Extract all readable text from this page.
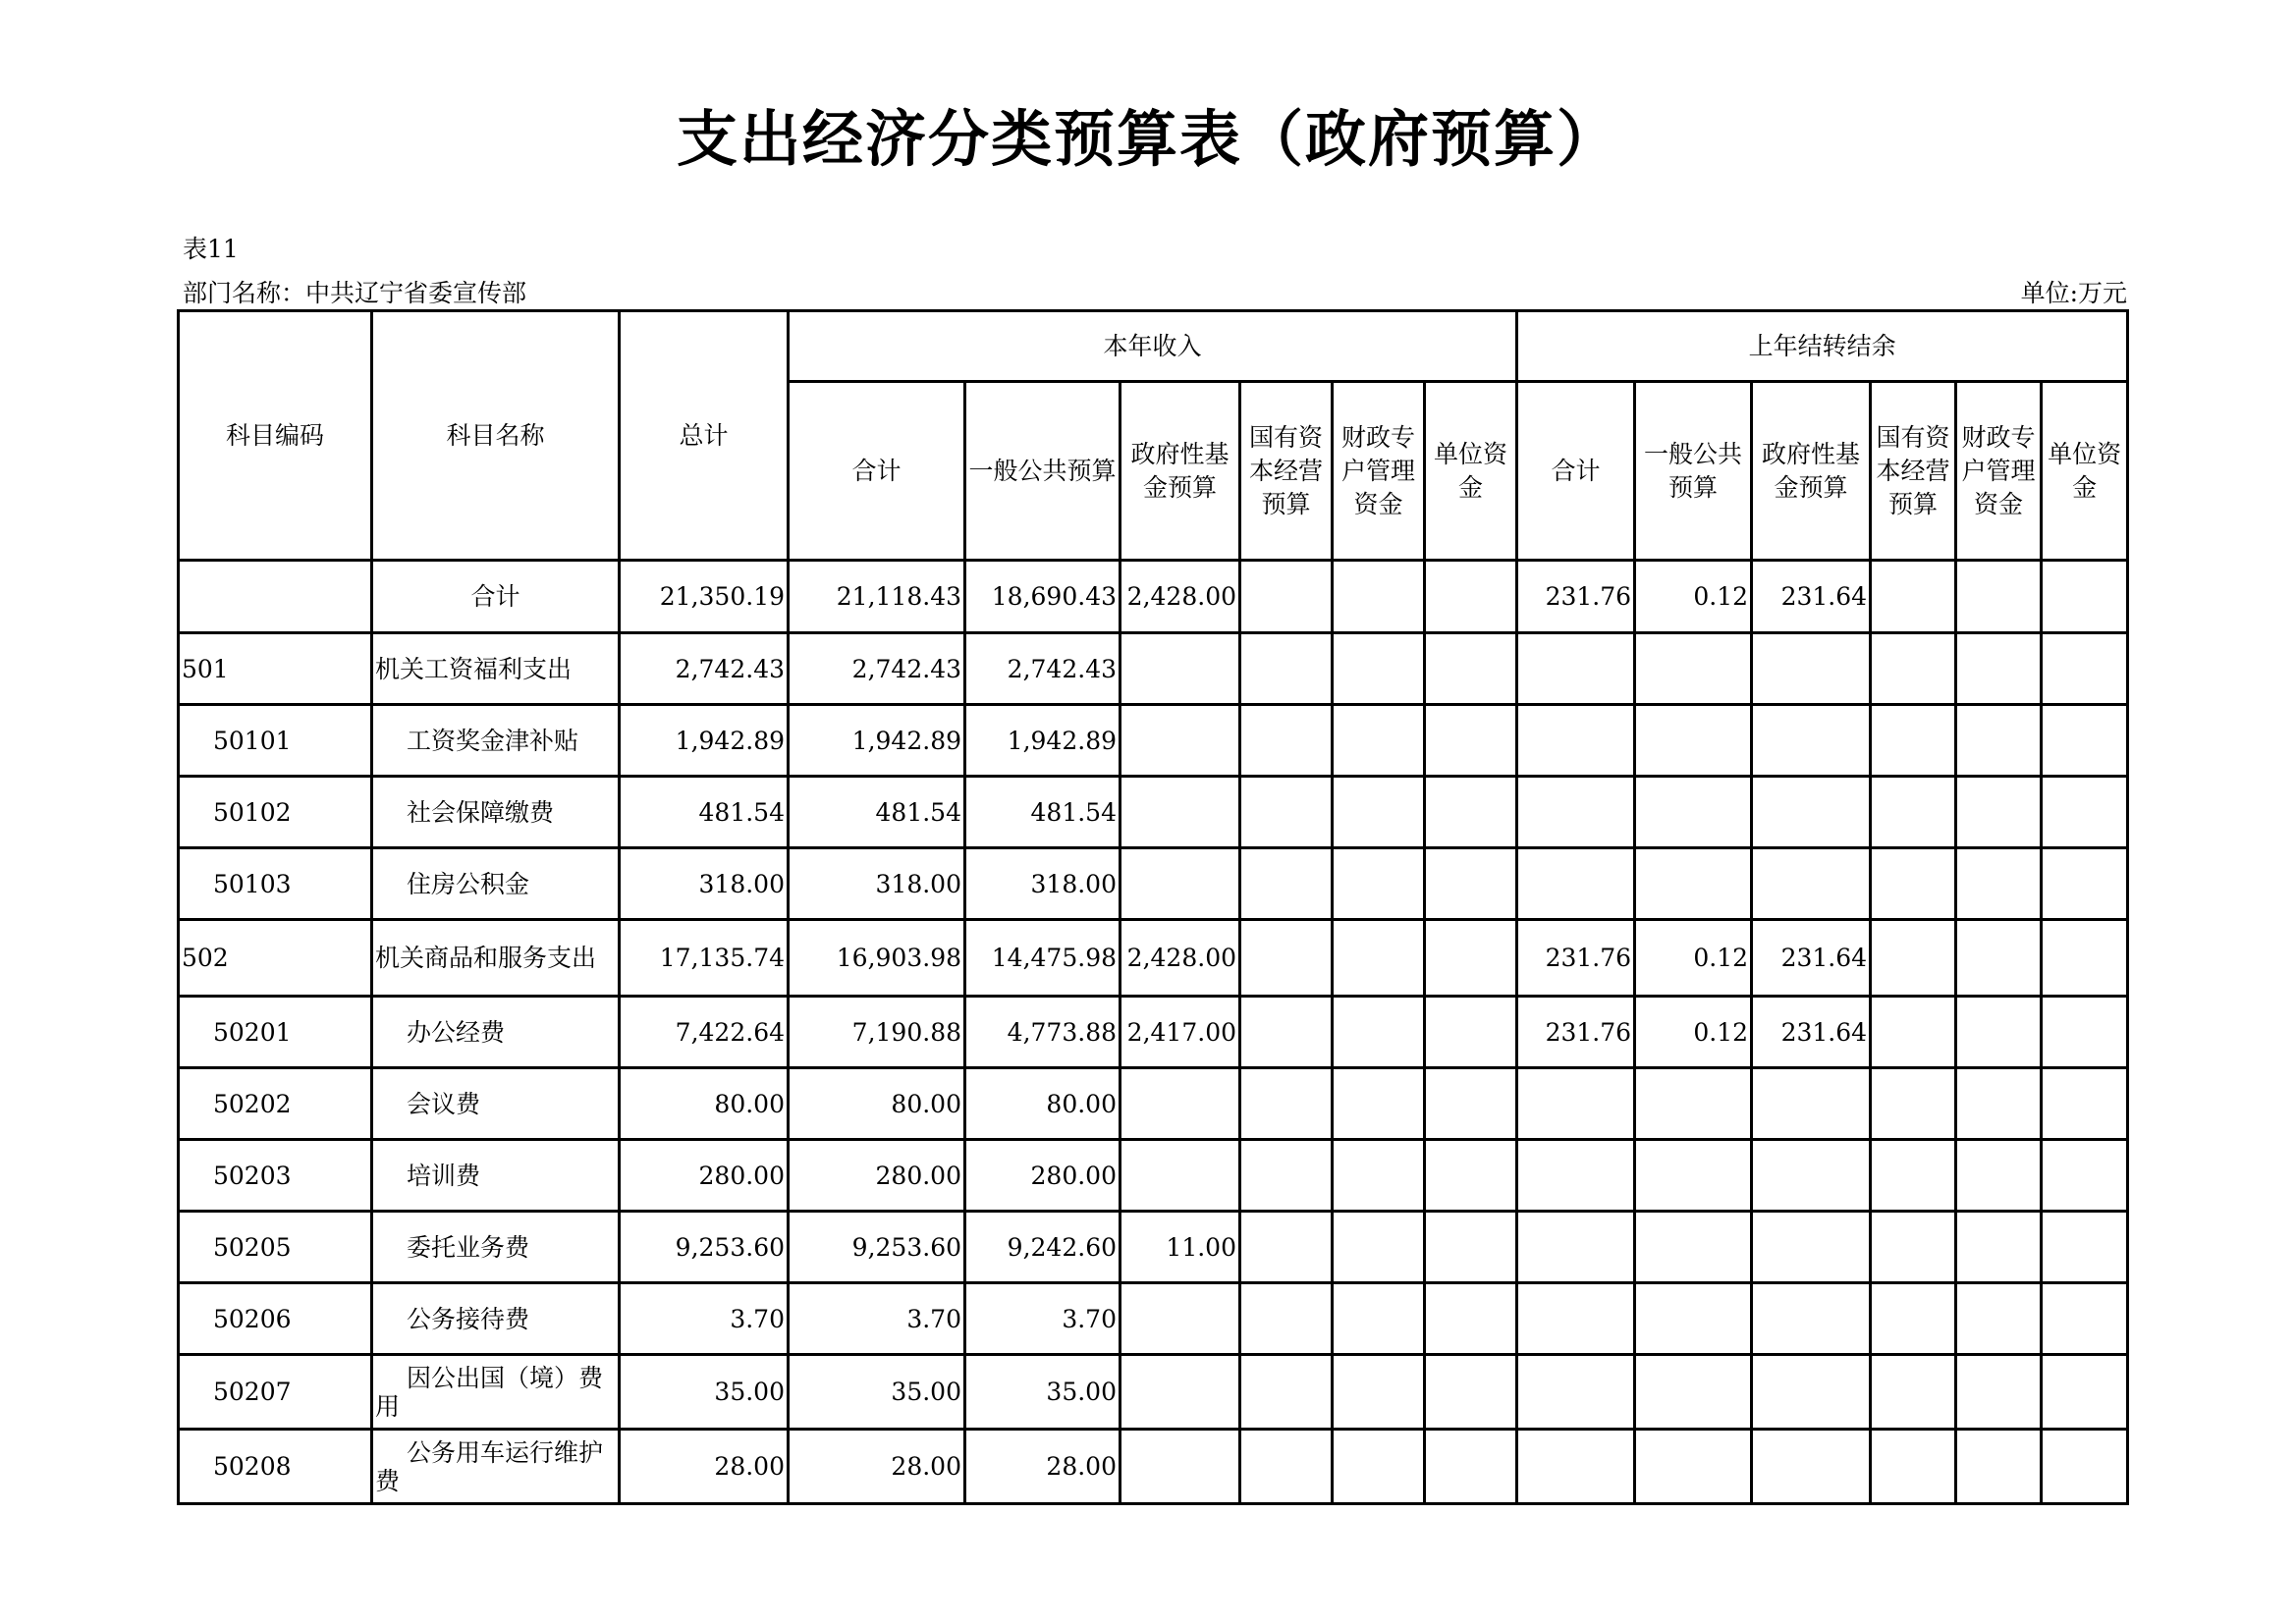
支出经济分类预算表（政府预算）
表11
部门名称：中共辽宁省委宣传部	单位:万元
科目编码	科目名称	总计	本年收入						上年结转结余					
			合计	一般公共预算	政府性基金预算	国有资本经营预算	财政专户管理资金	单位资金	合计	一般公共预算	政府性基金预算	国有资本经营预算	财政专户管理资金	单位资金
	合计	21,350.19	21,118.43	18,690.43	2,428.00				231.76	0.12	231.64			
501	机关工资福利支出	2,742.43	2,742.43	2,742.43										
50101	工资奖金津补贴	1,942.89	1,942.89	1,942.89										
50102	社会保障缴费	481.54	481.54	481.54										
50103	住房公积金	318.00	318.00	318.00										
502	机关商品和服务支出	17,135.74	16,903.98	14,475.98	2,428.00				231.76	0.12	231.64			
50201	办公经费	7,422.64	7,190.88	4,773.88	2,417.00				231.76	0.12	231.64			
50202	会议费	80.00	80.00	80.00										
50203	培训费	280.00	280.00	280.00										
50205	委托业务费	9,253.60	9,253.60	9,242.60	11.00									
50206	公务接待费	3.70	3.70	3.70										
50207	因公出国（境）费用	35.00	35.00	35.00										
50208	公务用车运行维护费	28.00	28.00	28.00										
